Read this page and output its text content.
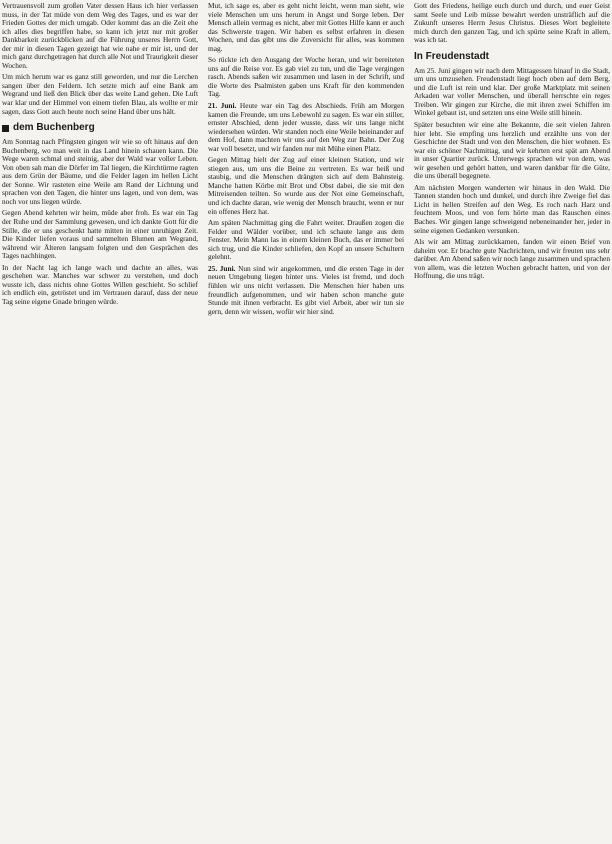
Vertrauensvoll zum großen Vater dessen Haus ich hier verlassen muss, in der Tat müde von dem Weg des Tages, und es war der Frieden Gottes der mich umgab. Oder kommt das an die Zeit ehe ich alles dies begriffen habe, so kann ich jetzt nur mit großer Dankbarkeit zurückblicken auf die Führung unseres Herrn Gott, der mir in diesen Tagen gezeigt hat wie nahe er mir ist, und der mich ganz durchgetragen hat durch alle Not und Traurigkeit dieser Wochen.

Um mich herum war es ganz still geworden, und nur die Lerchen sangen über den Feldern. Ich setzte mich auf eine Bank am Wegrand und ließ den Blick über das weite Land gehen. Die Luft war klar und der Himmel von einem tiefen Blau, als wollte er mir sagen, dass Gott auch heute noch seine Hand über uns hält.

dem Buchenberg

Am Sonntag nach Pfingsten gingen wir wie so oft hinaus auf den Buchenberg, wo man weit in das Land hinein schauen kann. Die Wege waren schmal und steinig, aber der Wald war voller Leben. Von oben sah man die Dörfer im Tal liegen, die Kirchtürme ragten aus dem Grün der Bäume, und die Felder lagen im hellen Licht der Sonne. Wir rasteten eine Weile am Rand der Lichtung und sprachen von den Tagen, die hinter uns lagen, und von dem, was noch vor uns liegen würde.

Gegen Abend kehrten wir heim, müde aber froh. Es war ein Tag der Ruhe und der Sammlung gewesen, und ich dankte Gott für die Stille, die er uns geschenkt hatte mitten in einer unruhigen Zeit. Die Kinder liefen voraus und sammelten Blumen am Wegrand, während wir Älteren langsam folgten und den Gesprächen des Tages nachhingen.

In der Nacht lag ich lange wach und dachte an alles, was geschehen war. Manches war schwer zu verstehen, und doch wusste ich, dass nichts ohne Gottes Willen geschieht. So schlief ich endlich ein, getröstet und im Vertrauen darauf, dass der neue Tag seine eigene Gnade bringen würde.

Mut, ich sage es, aber es geht nicht leicht, wenn man sieht, wie viele Menschen um uns herum in Angst und Sorge leben. Der Mensch allein vermag es nicht, aber mit Gottes Hilfe kann er auch das Schwerste tragen. Wir haben es selbst erfahren in diesen Wochen, und das gibt uns die Zuversicht für alles, was kommen mag.

So rückte ich den Ausgang der Woche heran, und wir bereiteten uns auf die Reise vor. Es gab viel zu tun, und die Tage vergingen rasch. Abends saßen wir zusammen und lasen in der Schrift, und die Worte des Psalmisten gaben uns Kraft für den kommenden Tag.

21. Juni. Heute war ein Tag des Abschieds. Früh am Morgen kamen die Freunde, um uns Lebewohl zu sagen. Es war ein stiller, ernster Abschied, denn jeder wusste, dass wir uns lange nicht wiedersehen würden. Wir standen noch eine Weile beieinander auf dem Hof, dann machten wir uns auf den Weg zur Bahn. Der Zug war voll besetzt, und wir fanden nur mit Mühe einen Platz.

Gegen Mittag hielt der Zug auf einer kleinen Station, und wir stiegen aus, um uns die Beine zu vertreten. Es war heiß und staubig, und die Menschen drängten sich auf dem Bahnsteig. Manche hatten Körbe mit Brot und Obst dabei, die sie mit den Mitreisenden teilten. So wurde aus der Not eine Gemeinschaft, und ich dachte daran, wie wenig der Mensch braucht, wenn er nur ein offenes Herz hat.

Am späten Nachmittag ging die Fahrt weiter. Draußen zogen die Felder und Wälder vorüber, und ich schaute lange aus dem Fenster. Mein Mann las in einem kleinen Buch, das er immer bei sich trug, und die Kinder schliefen, den Kopf an unsere Schultern gelehnt.

25. Juni. Nun sind wir angekommen, und die ersten Tage in der neuen Umgebung liegen hinter uns. Vieles ist fremd, und doch fühlen wir uns nicht verlassen. Die Menschen hier haben uns freundlich aufgenommen, und wir haben schon manche gute Stunde mit ihnen verbracht. Es gibt viel Arbeit, aber wir tun sie gern, denn wir wissen, wofür wir hier sind.

Gott des Friedens, heilige euch durch und durch, und euer Geist samt Seele und Leib müsse bewahrt werden unsträflich auf die Zukunft unseres Herrn Jesus Christus. Dieses Wort begleitete mich durch den ganzen Tag, und ich spürte seine Kraft in allem, was ich tat.

In Freudenstadt

Am 25. Juni gingen wir nach dem Mittagessen hinauf in die Stadt, um uns umzusehen. Freudenstadt liegt hoch oben auf dem Berg, und die Luft ist rein und klar. Der große Marktplatz mit seinen Arkaden war voller Menschen, und überall herrschte ein reges Treiben. Wir gingen zur Kirche, die mit ihren zwei Schiffen im Winkel gebaut ist, und setzten uns eine Weile still hinein.

Später besuchten wir eine alte Bekannte, die seit vielen Jahren hier lebt. Sie empfing uns herzlich und erzählte uns von der Geschichte der Stadt und von den Menschen, die hier wohnen. Es war ein schöner Nachmittag, und wir kehrten erst spät am Abend in unser Quartier zurück. Unterwegs sprachen wir von dem, was wir gesehen und gehört hatten, und waren dankbar für die Güte, die uns überall begegnete.

Am nächsten Morgen wanderten wir hinaus in den Wald. Die Tannen standen hoch und dunkel, und durch ihre Zweige fiel das Licht in hellen Streifen auf den Weg. Es roch nach Harz und feuchtem Moos, und von fern hörte man das Rauschen eines Baches. Wir gingen lange schweigend nebeneinander her, jeder in seine eigenen Gedanken versunken.

Als wir am Mittag zurückkamen, fanden wir einen Brief von daheim vor. Er brachte gute Nachrichten, und wir freuten uns sehr darüber. Am Abend saßen wir noch lange zusammen und sprachen von allem, was die letzten Wochen gebracht hatten, und von der Hoffnung, die uns trägt.
